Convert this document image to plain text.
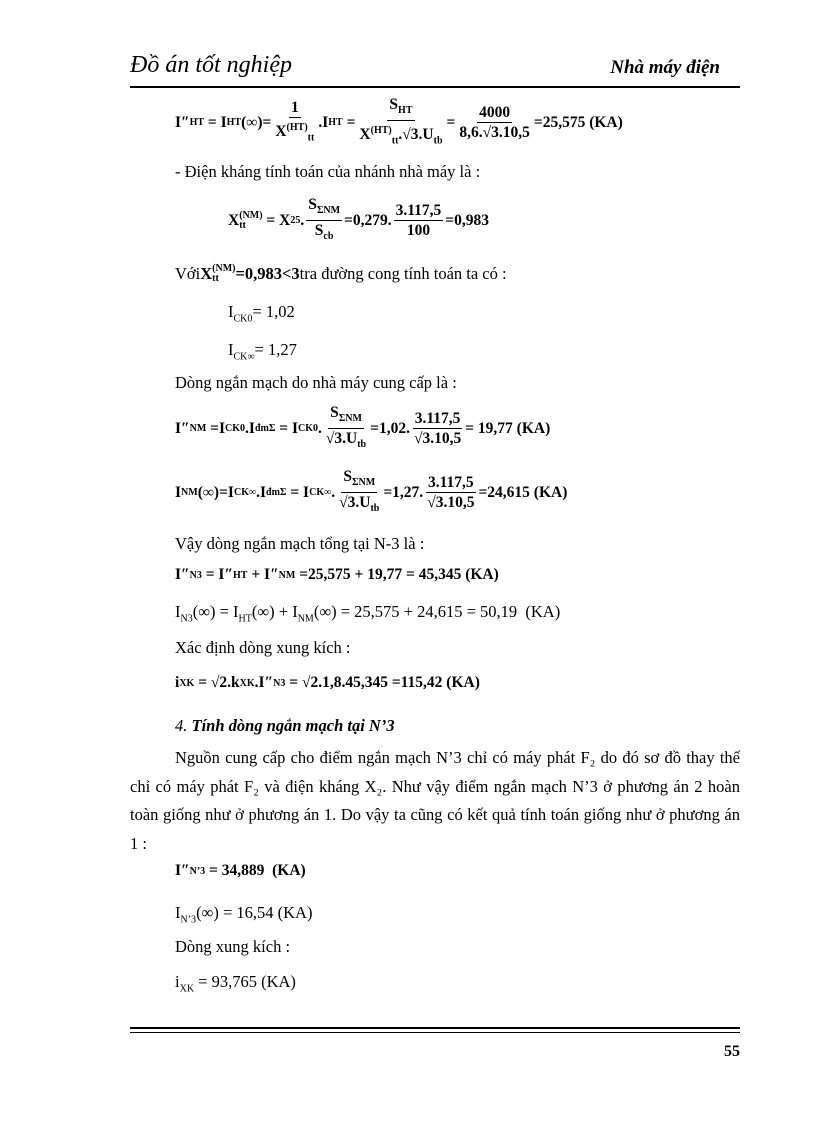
Đồ án tốt nghiệp	Nhà máy điện
I″ HT
= I HT (∞)= $\frac{1}{X^{(HT)}_{tt}} .I$ HT
= $\frac{S_{HT}}{X^{(HT)}_{tt}.√3.U_{tb}} = \frac{4000}{8,6.√3.10,5} =25,575$ (KA)
- Điện kháng tính toán của nhánh nhà máy là :
X (NM)
tt
	= X 25 . $\frac{S_{\Sigma NM}}{S_{cb}} =0,279$. $\frac{3.117,5}{100} =0,983$
Với X (NM)
tt	=0,983<3 tra đường cong tính toán ta có :
$I_{CK0}= 1,02$
$I_{CK\infty}= 1,27$
Dòng ngắn mạch do nhà máy cung cấp là :
I″ NM
=I CK0 .I đmΣ
= I CK0 . $\frac{S_{\Sigma NM}}{√3.U_{tb}} =1,02$. $\frac{3.117,5}{√3.10,5} = 19,77$ (KA)
I NM (∞) =I CK∞ .I đmΣ
= I CK∞ . $\frac{S_{\Sigma NM}}{√3.U_{tb}} =1,27$. $\frac{3.117,5}{√3.10,5} =24,615$ (KA)
Vậy dòng ngắn mạch tổng tại N-3 là :
I″ N3
= I″ HT + I″ NM =25,575 + 19,77 = 45,345 (KA)
$I_{N3}(\infty) = I_{HT}(\infty) + I_{NM}(\infty) = 25,575 + 24,615 = 50,19$  (KA)
Xác định dòng xung kích :
i XK = √2.k XK .I″ N3 = √2.1,8.45,345 =115,42 (KA)
4. Tính dòng ngắn mạch tại N’3
Nguồn cung cấp cho điểm ngắn mạch N’3 chỉ có máy phát F₂ do đó sơ đồ thay thế chỉ có máy phát F₂ và điện kháng X₂. Như vậy điểm ngắn mạch N’3 ở phương án 2 hoàn toàn giống như ở phương án 1. Do vậy ta cũng có kết quả tính toán giống như ở phương án 1 :
I″ N’3 = 34,889  (KA)
$I_{N’3}(\infty) = 16,54$ (KA)
Dòng xung kích :
$i_{XK} = 93,765$ (KA)
55
